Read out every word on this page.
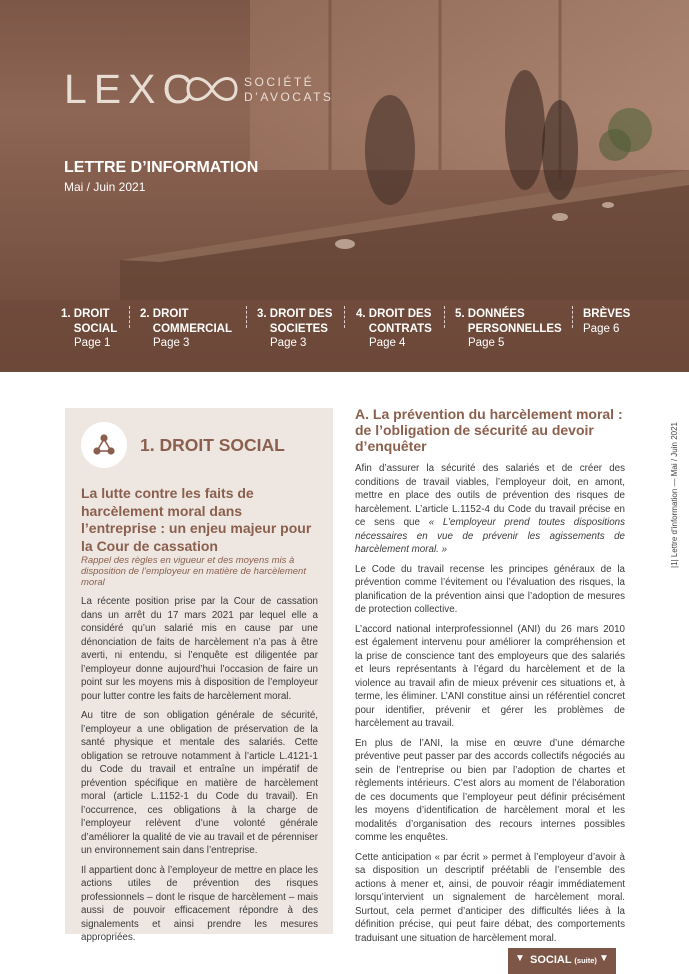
LEXC	SOCIÉTÉ
D’AVOCATS
LETTRE D’INFORMATION
Mai / Juin 2021
1. DROIT
SOCIAL
Page 1
2. DROIT
COMMERCIAL
Page 3
3. DROIT DES
SOCIETES
Page 3
4. DROIT DES
CONTRATS
Page 4
5. DONNÉES
PERSONNELLES
Page 5
BRÈVES
Page 6
1. DROIT SOCIAL
La lutte contre les faits de harcèlement moral dans l’entreprise : un enjeu majeur pour la Cour de cassation
Rappel des règles en vigueur et des moyens mis à disposition de l’employeur en matière de harcèlement moral

La récente position prise par la Cour de cassation dans un arrêt du 17 mars 2021 par lequel elle a considéré qu’un salarié mis en cause par une dénonciation de faits de harcèlement n’a pas à être averti, ni entendu, si l’enquête est diligentée par l’employeur donne aujourd’hui l’occasion de faire un point sur les moyens mis à disposition de l’employeur pour lutter contre les faits de harcèlement moral.

Au titre de son obligation générale de sécurité, l’employeur a une obligation de préservation de la santé physique et mentale des salariés. Cette obligation se retrouve notamment à l’article L.4121-1 du Code du travail et entraîne un impératif de prévention spécifique en matière de harcèlement moral (article L.1152-1 du Code du travail). En l’occurrence, ces obligations à la charge de l’employeur relèvent d’une volonté générale d’améliorer la qualité de vie au travail et de pérenniser un environnement sain dans l’entreprise.

Il appartient donc à l’employeur de mettre en place les actions utiles de prévention des risques professionnels – dont le risque de harcèlement – mais aussi de pouvoir efficacement répondre à des signalements et ainsi prendre les mesures appropriées.

A. La prévention du harcèlement moral : de l’obligation de sécurité au devoir d’enquêter

Afin d’assurer la sécurité des salariés et de créer des conditions de travail viables, l’employeur doit, en amont, mettre en place des outils de prévention des risques de harcèlement. L’article L.1152-4 du Code du travail précise en ce sens que « L’employeur prend toutes dispositions nécessaires en vue de prévenir les agissements de harcèlement moral. »

Le Code du travail recense les principes généraux de la prévention comme l’évitement ou l’évaluation des risques, la planification de la prévention ainsi que l’adoption de mesures de protection collective.

L’accord national interprofessionnel (ANI) du 26 mars 2010 est également intervenu pour améliorer la compréhension et la prise de conscience tant des employeurs que des salariés et leurs représentants à l’égard du harcèlement et de la violence au travail afin de mieux prévenir ces situations et, à terme, les éliminer. L’ANI constitue ainsi un référentiel concret pour identifier, prévenir et gérer les problèmes de harcèlement au travail.

En plus de l’ANI, la mise en œuvre d’une démarche préventive peut passer par des accords collectifs négociés au sein de l’entreprise ou bien par l’adoption de chartes et règlements intérieurs. C’est alors au moment de l’élaboration de ces documents que l’employeur peut définir précisément les moyens d’identification de harcèlement moral et les modalités d’organisation des recours internes possibles comme les enquêtes.

Cette anticipation « par écrit » permet à l’employeur d’avoir à sa disposition un descriptif préétabli de l’ensemble des actions à mener et, ainsi, de pouvoir réagir immédiatement lorsqu’intervient un signalement de harcèlement moral. Surtout, cela permet d’anticiper des difficultés liées à la définition précise, qui peut faire débat, des comportements traduisant une situation de harcèlement moral.

|1| Lettre d’information — Mai / Juin 2021
▼ SOCIAL (suite) ▼
